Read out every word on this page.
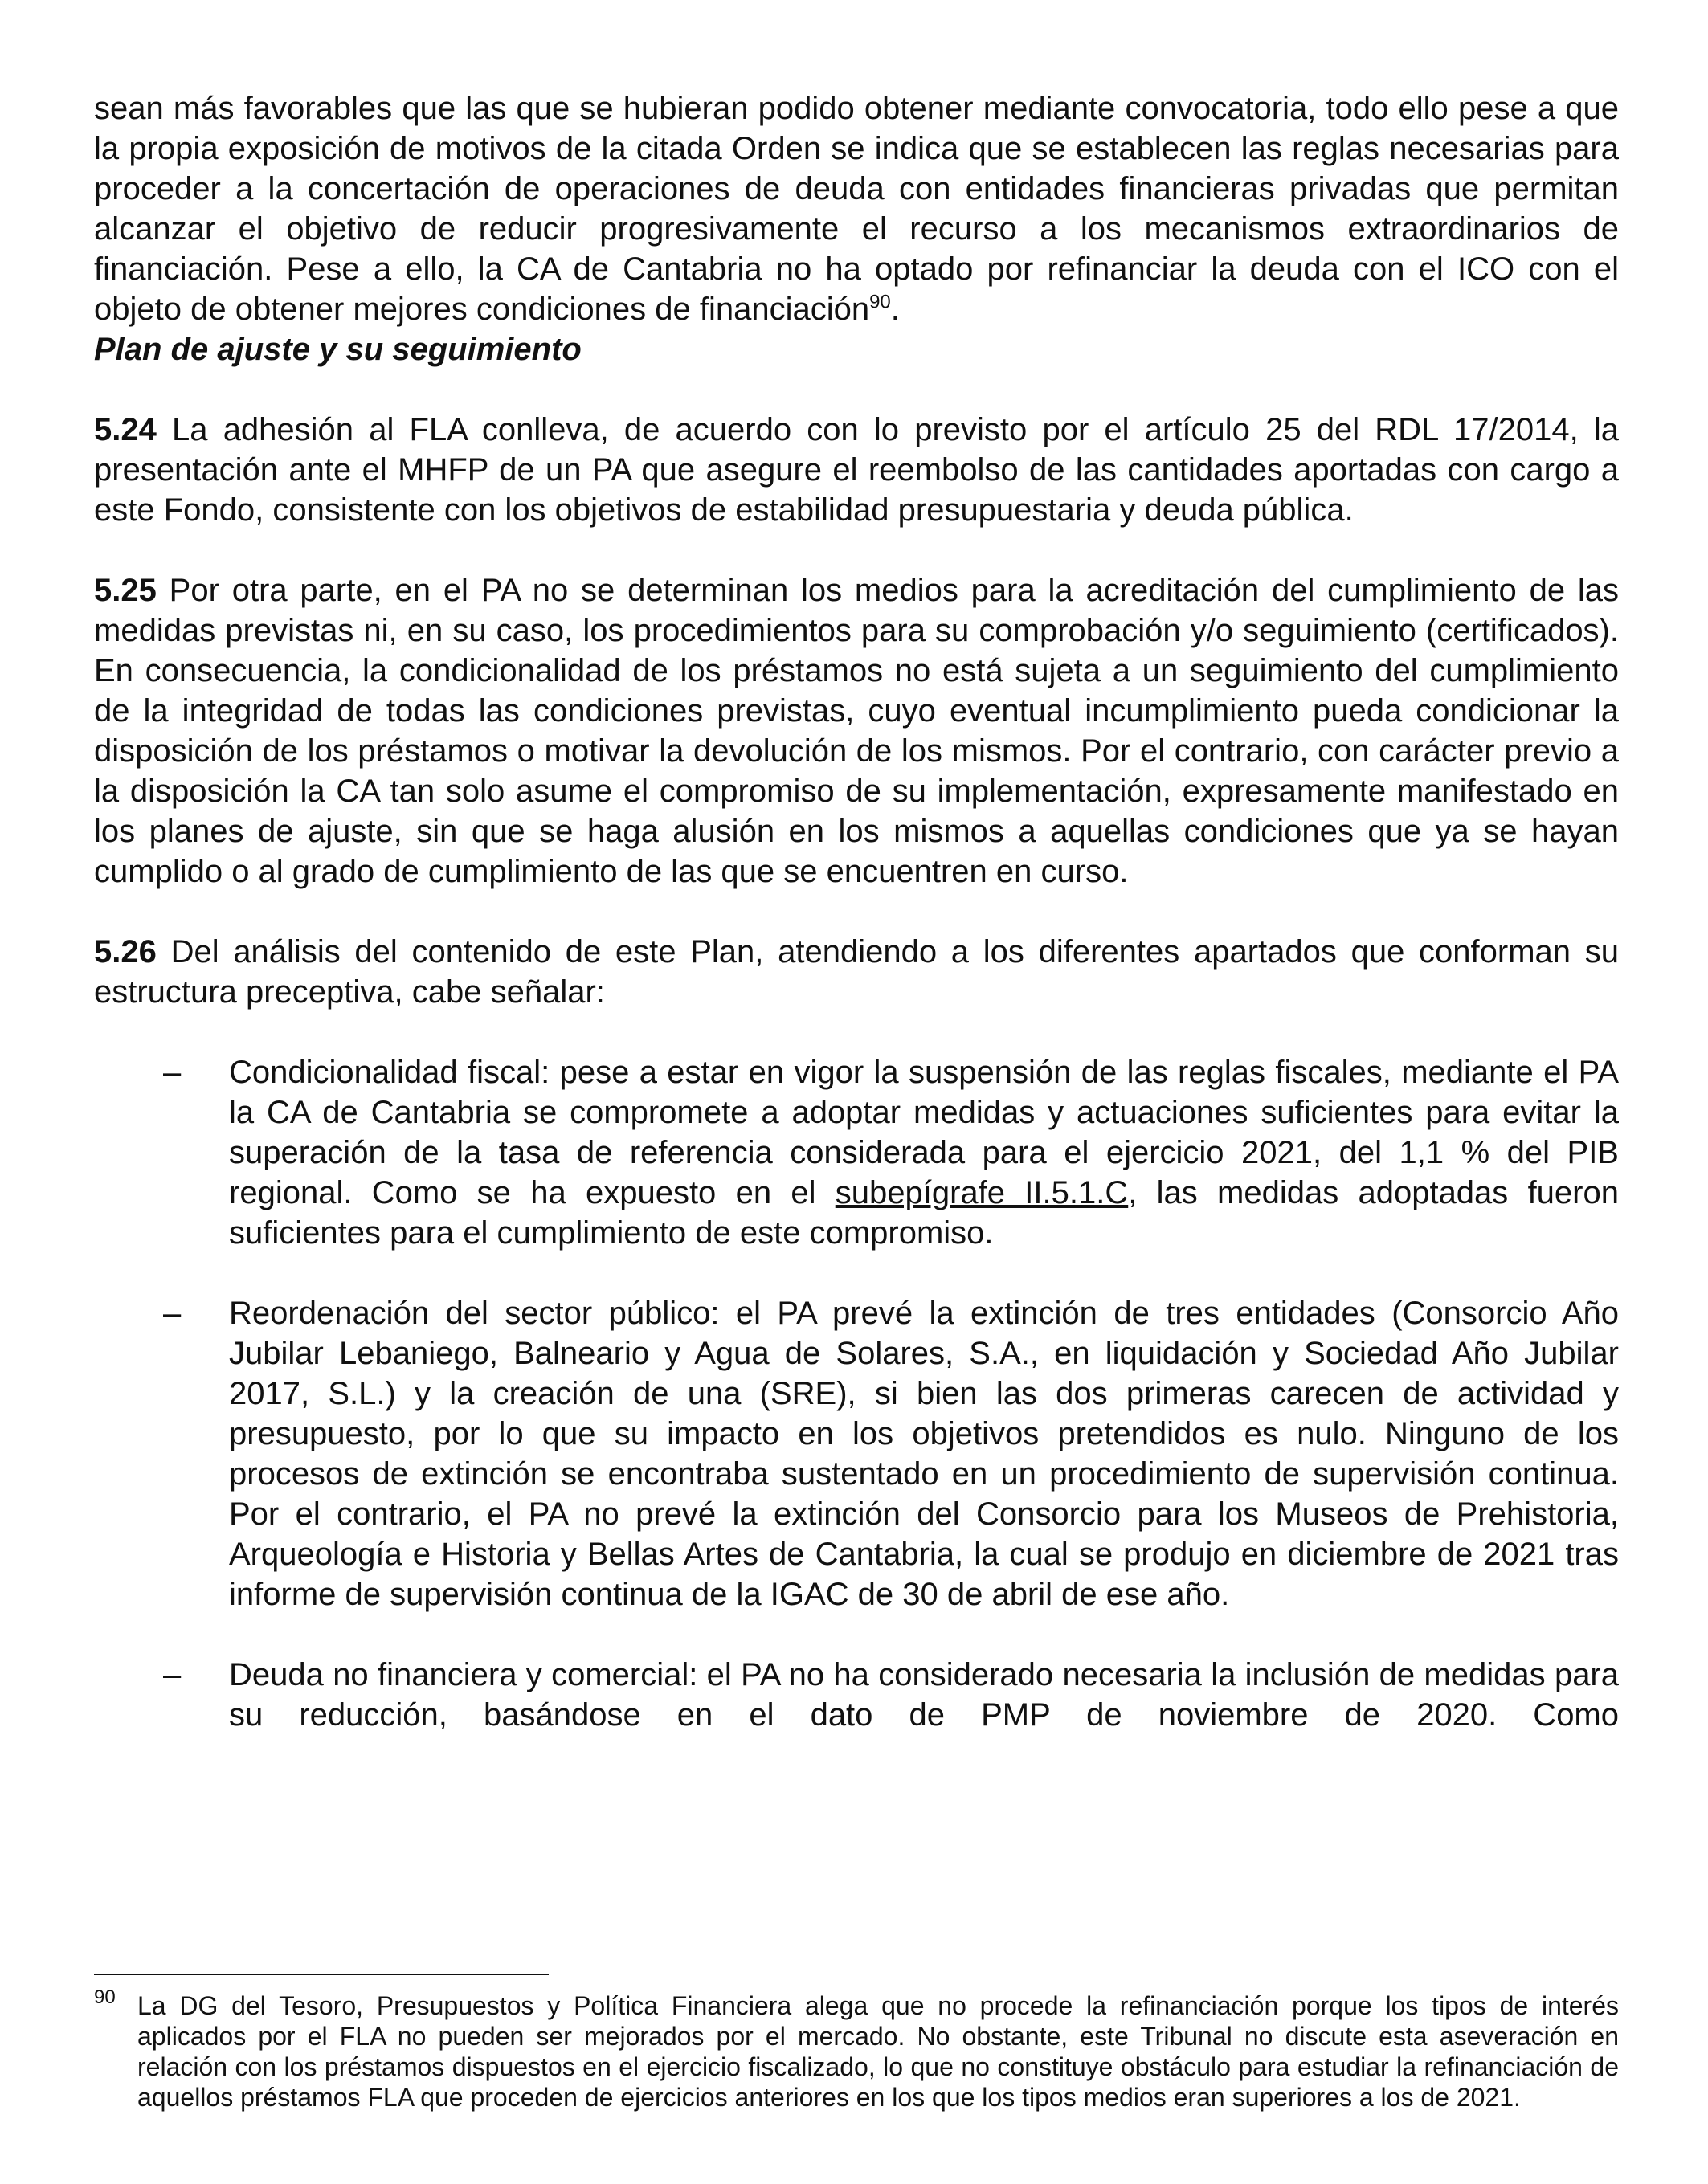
sean más favorables que las que se hubieran podido obtener mediante convocatoria, todo ello pese a que la propia exposición de motivos de la citada Orden se indica que se establecen las reglas necesarias para proceder a la concertación de operaciones de deuda con entidades financieras privadas que permitan alcanzar el objetivo de reducir progresivamente el recurso a los mecanismos extraordinarios de financiación. Pese a ello, la CA de Cantabria no ha optado por refinanciar la deuda con el ICO con el objeto de obtener mejores condiciones de financiación$^{90}$.

Plan de ajuste y su seguimiento

5.24 La adhesión al FLA conlleva, de acuerdo con lo previsto por el artículo 25 del RDL 17/2014, la presentación ante el MHFP de un PA que asegure el reembolso de las cantidades aportadas con cargo a este Fondo, consistente con los objetivos de estabilidad presupuestaria y deuda pública.

5.25 Por otra parte, en el PA no se determinan los medios para la acreditación del cumplimiento de las medidas previstas ni, en su caso, los procedimientos para su comprobación y/o seguimiento (certificados). En consecuencia, la condicionalidad de los préstamos no está sujeta a un seguimiento del cumplimiento de la integridad de todas las condiciones previstas, cuyo eventual incumplimiento pueda condicionar la disposición de los préstamos o motivar la devolución de los mismos. Por el contrario, con carácter previo a la disposición la CA tan solo asume el compromiso de su implementación, expresamente manifestado en los planes de ajuste, sin que se haga alusión en los mismos a aquellas condiciones que ya se hayan cumplido o al grado de cumplimiento de las que se encuentren en curso.

5.26 Del análisis del contenido de este Plan, atendiendo a los diferentes apartados que conforman su estructura preceptiva, cabe señalar:

– Condicionalidad fiscal: pese a estar en vigor la suspensión de las reglas fiscales, mediante el PA la CA de Cantabria se compromete a adoptar medidas y actuaciones suficientes para evitar la superación de la tasa de referencia considerada para el ejercicio 2021, del 1,1 % del PIB regional. Como se ha expuesto en el subepígrafe II.5.1.C, las medidas adoptadas fueron suficientes para el cumplimiento de este compromiso.

– Reordenación del sector público: el PA prevé la extinción de tres entidades (Consorcio Año Jubilar Lebaniego, Balneario y Agua de Solares, S.A., en liquidación y Sociedad Año Jubilar 2017, S.L.) y la creación de una (SRE), si bien las dos primeras carecen de actividad y presupuesto, por lo que su impacto en los objetivos pretendidos es nulo. Ninguno de los procesos de extinción se encontraba sustentado en un procedimiento de supervisión continua. Por el contrario, el PA no prevé la extinción del Consorcio para los Museos de Prehistoria, Arqueología e Historia y Bellas Artes de Cantabria, la cual se produjo en diciembre de 2021 tras informe de supervisión continua de la IGAC de 30 de abril de ese año.

– Deuda no financiera y comercial: el PA no ha considerado necesaria la inclusión de medidas para su reducción, basándose en el dato de PMP de noviembre de 2020. Como

90 La DG del Tesoro, Presupuestos y Política Financiera alega que no procede la refinanciación porque los tipos de interés aplicados por el FLA no pueden ser mejorados por el mercado. No obstante, este Tribunal no discute esta aseveración en relación con los préstamos dispuestos en el ejercicio fiscalizado, lo que no constituye obstáculo para estudiar la refinanciación de aquellos préstamos FLA que proceden de ejercicios anteriores en los que los tipos medios eran superiores a los de 2021.
